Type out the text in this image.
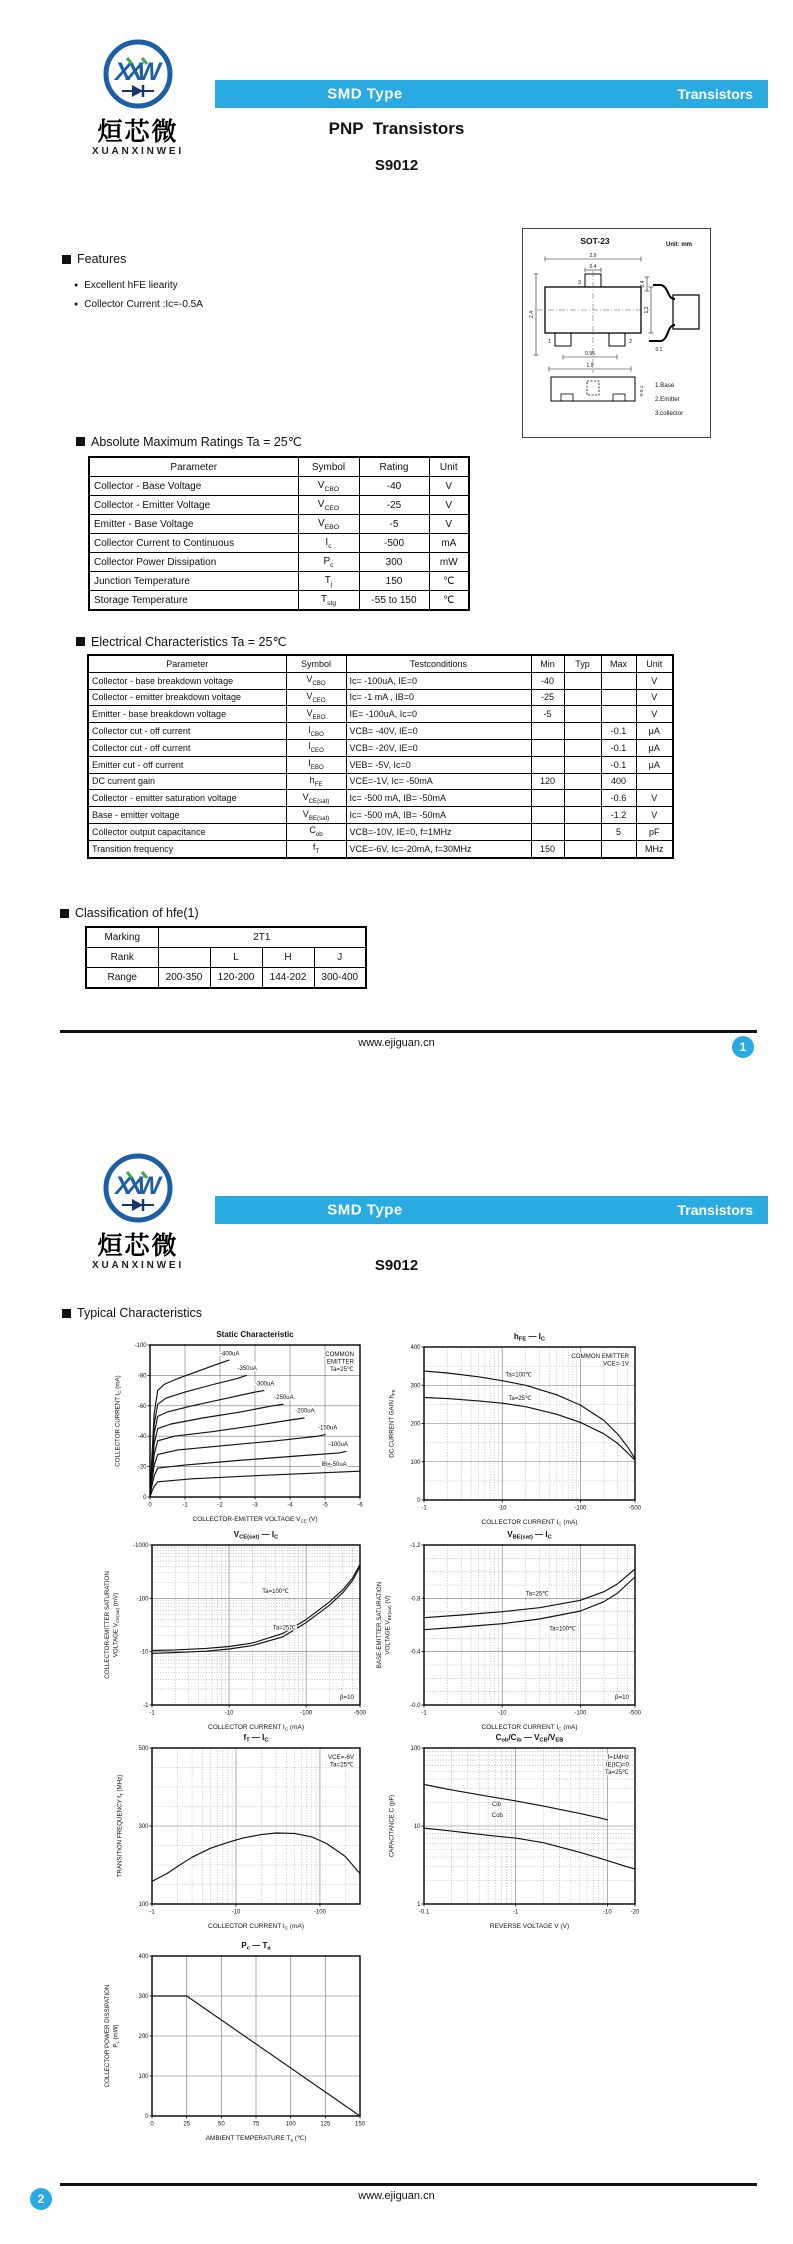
XXW
烜芯微
XUANXINWEI
SMD Type	Transistors
PNP  Transistors
S9012
Features
● Excellent hFE liearity
● Collector Current :Ic=-0.5A
SOT-23	Unit: mm
2.9
0.4
3
1.3
2.4
1	2
0.95
1.9
0.4
0.1
0-0.1
1.Base
2.Emitter
3.collector
Absolute Maximum Ratings Ta = 25℃
Electrical Characteristics Ta = 25℃
Classification of hfe(1)
www.ejiguan.cn	1
XXW
烜芯微
XUANXINWEI
SMD Type	Transistors
S9012
Typical Characteristics
www.ejiguan.cn
2
Parameter	Symbol	Rating	Unit
Collector - Base Voltage	$V_{CBO}$	-40	V
Collector - Emitter Voltage	$V_{CEO}$	-25	V
Emitter - Base Voltage	$V_{EBO}$	-5	V
Collector Current to Continuous	$I_c$	-500	mA
Collector Power Dissipation	$P_c$	300	mW
Junction Temperature	$T_j$	150	℃
Storage Temperature	$T_{stg}$	-55 to 150	℃
Parameter	Symbol	Testconditions	Min	Typ	Max	Unit
Collector - base breakdown voltage	$V_{CBO}$	Ic= -100uA, IE=0	-40			V
Collector - emitter breakdown voltage	$V_{CEO}$	Ic= -1 mA , IB=0	-25			V
Emitter - base breakdown voltage	$V_{EBO}$	IE= -100uA, Ic=0	-5			V
Collector cut - off current	$I_{CBO}$	VCB= -40V, IE=0			-0.1	μA
Collector cut - off current	$I_{CEO}$	VCB= -20V, IE=0			-0.1	μA
Emitter cut - off current	$I_{EBO}$	VEB= -5V, Ic=0			-0.1	μA
DC current gain	$h_{FE}$	VCE=-1V, Ic= -50mA	120		400	
Collector - emitter saturation voltage	$V_{CE(sat)}$	Ic= -500 mA, IB= -50mA			-0.6	V
Base - emitter voltage	$V_{BE(sat)}$	Ic= -500 mA, IB= -50mA			-1.2	V
Collector output capacitance	$C_{ob}$	VCB=-10V, IE=0, f=1MHz			5	pF
Transition frequency	$f_T$	VCE=-6V, Ic=-20mA, f=30MHz	150			MHz
Marking	2T1			
Rank		L	H	J
Range	200-350	120-200	144-202	300-400
-400uA
-350uA
-300uA
-250uA
-200uA
-150uA
-100uA
IB=-50uA
COMMON
EMITTER
Ta=25℃
0	-1	-2	-3	-4	-5	-6
0
-20
-40
-60
-80
-100
Static Characteristic
COLLECTOR-EMITTER VOLTAGE $V_{CE}$ (V)
COLLECTOR CURRENT $I_C$ (mA)	Ta=100℃
Ta=25℃
COMMON EMITTER
VCE=-1V
-1	-10	-100	-500
0
100
200
300
400
$h_{FE}$ — $I_C$
COLLECTOR CURRENT $I_C$ (mA)
DC CURRENT GAIN $h_{FE}$
Ta=100℃
Ta=25℃
β=10
-1	-10	-100	-500
-1
-10
-100
-1000
$V_{CE(sat)}$ — $I_C$
COLLECTOR CURRENT $I_C$ (mA)
COLLECTOR-EMITTER SATURATION VOLTAGE $V_{CE(sat)}$ (mV)	Ta=25℃
Ta=100℃
β=10
-1	-10	-100	-500
-0.0
-0.4
-0.8
-1.2
$V_{BE(sat)}$ — $I_C$
COLLECTOR CURRENT $I_C$ (mA)
BASE-EMITTER SATURATION VOLTAGE $V_{BE(sat)}$ (V)
VCE=-6V
Ta=25℃
-1	-10	-100
100
300
500
$f_T$ — $I_C$
COLLECTOR CURRENT $I_C$ (mA)
TRANSITION FREQUENCY $f_T$ (MHz)
Cib
Cob
f=1MHz
IE(IC)=0
Ta=25℃
-0.1	-1	-10	-20
1
10
100
$C_{ob}/C_{ib}$ — $V_{CB}/V_{EB}$
REVERSE VOLTAGE V (V)
CAPACITANCE C (pF)
0	25	50	75	100	125	150
0
100
200
300
400
$P_c$ — $T_a$
AMBIENT TEMPERATURE $T_a$ (℃)
COLLECTOR POWER DISSIPATION $P_c$ (mW)
